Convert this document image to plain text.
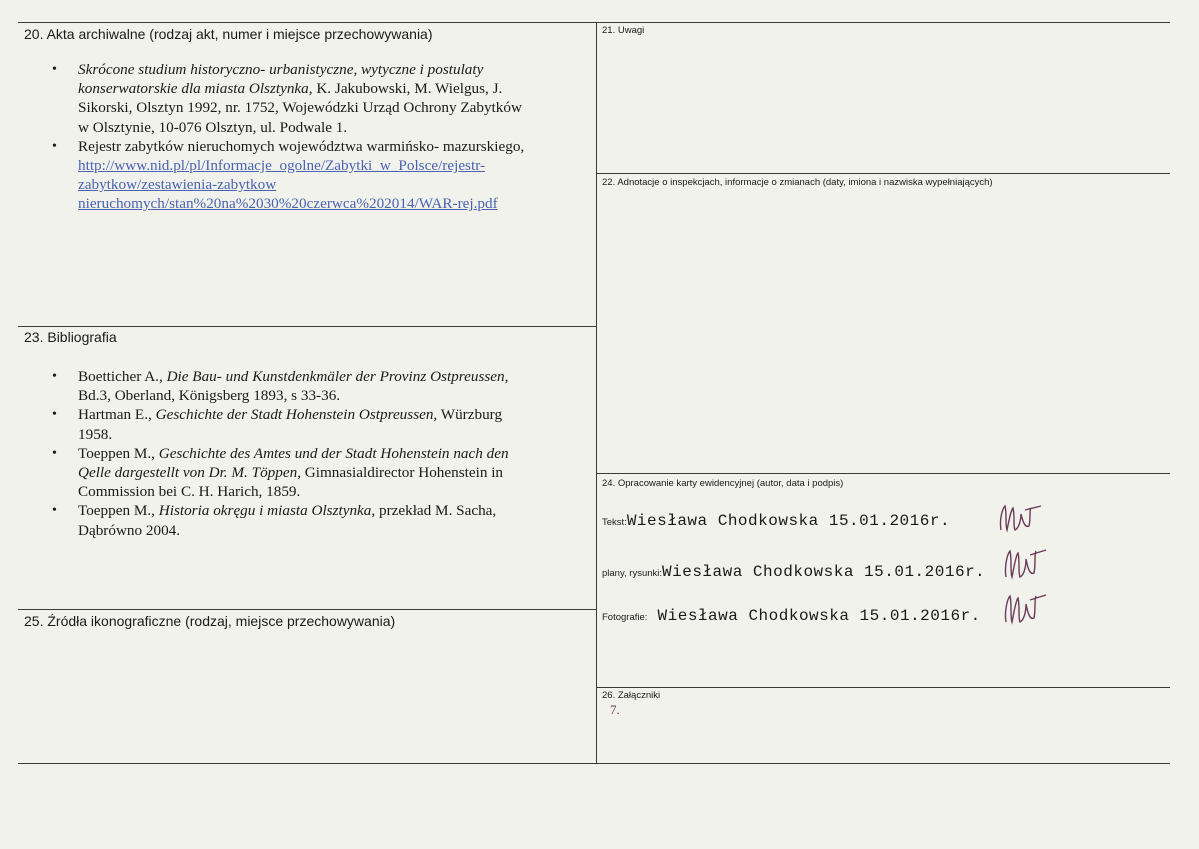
20. Akta archiwalne (rodzaj akt, numer i miejsce przechowywania)
• Skrócone studium historyczno- urbanistyczne, wytyczne i postulaty
konserwatorskie dla miasta Olsztynka, K. Jakubowski, M. Wielgus, J.
Sikorski, Olsztyn 1992, nr. 1752, Wojewódzki Urząd Ochrony Zabytków
w Olsztynie, 10-076 Olsztyn, ul. Podwale 1.
• Rejestr zabytków nieruchomych województwa warmińsko- mazurskiego,
http://www.nid.pl/pl/Informacje_ogolne/Zabytki_w_Polsce/rejestr-
zabytkow/zestawienia-zabytkow
nieruchomych/stan%20na%2030%20czerwca%202014/WAR-rej.pdf
21. Uwagi
22. Adnotacje o inspekcjach, informacje o zmianach (daty, imiona i nazwiska wypełniających)
23. Bibliografia
• Boetticher A., Die Bau- und Kunstdenkmäler der Provinz Ostpreussen,
Bd.3, Oberland, Königsberg 1893, s 33-36.
• Hartman E., Geschichte der Stadt Hohenstein Ostpreussen, Würzburg
1958.
• Toeppen M., Geschichte des Amtes und der Stadt Hohenstein nach den
Qelle dargestellt von Dr. M. Töppen, Gimnasialdirector Hohenstein in
Commission bei C. H. Harich, 1859.
• Toeppen M., Historia okręgu i miasta Olsztynka, przekład M. Sacha,
Dąbrówno 2004.
24. Opracowanie karty ewidencyjnej (autor, data i podpis)
Tekst:Wiesława Chodkowska 15.01.2016r.
plany, rysunki:Wiesława Chodkowska 15.01.2016r.
Fotografie: Wiesława Chodkowska 15.01.2016r.
25. Źródła ikonograficzne (rodzaj, miejsce przechowywania)
26. Załączniki
7.
